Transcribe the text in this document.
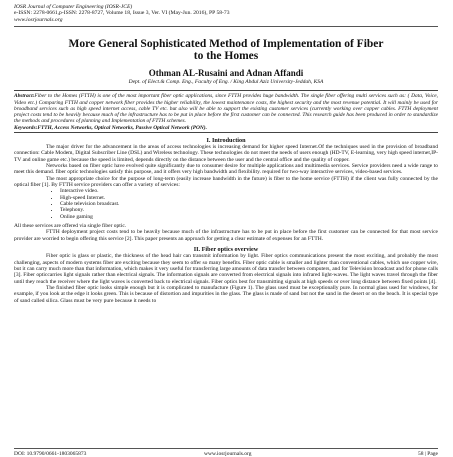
IOSR Journal of Computer Engineering (IOSR-JCE)
e-ISSN: 2278-0661,p-ISSN: 2278-8727, Volume 18, Issue 3, Ver. VI (May-Jun. 2016), PP 58-73
www.iosrjournals.org
More General Sophisticated Method of Implementation of Fiber
to the Homes
Othman AL-Rusaini and Adnan Affandi
Dept. of Elect.& Comp. Eng., Faculty of Eng. / King Abdul Aziz University-Jeddah, KSA
Abstract:Fiber to the Homes (FTTH) is one of the most important fiber optic applications, since FTTH provides huge bandwidth. The single fiber offering multi services such as: ( Data, Voice, Video etc.) Comparing FTTH and copper network fiber provides the higher reliability, the lowest maintenance costs, the highest security and the most revenue potential. It will mainly be used for broadband services such as high speed internet access, cable TV etc. but also will be able to support the existing customer services (currently working over copper cables. FTTH deployment project costs tend to be heavily because much of the infrastructure has to be put in place before the first customer can be connected. This research guide has been produced in order to standardize the methods and procedures of planning and Implementation of FTTH schemes.
Keywords:FTTH, Access Networks, Optical Networks, Passive Optical Network (PON).
I. Introduction
The major driver for the advancement in the areas of access technologies is increasing demand for higher speed Internet.Of the techniques used in the provision of broadband connection: Cable Modem, Digital Subscriber Line (DSL) and Wireless technology. These technologies do not meet the needs of users enough (HD-TV, E-learning, very high speed internet,IP-TV and online game etc.) because the speed is limited, depends directly on the distance between the user and the central office and the quality of copper.
Networks based on fiber optic have evolved quite significantly due to consumer desire for multiple applications and multimedia services. Service providers need a wide range to meet this demand. fiber optic technologies satisfy this purpose, and it offers very high bandwidth and flexibility. required for two-way interactive services, video-based services.
The most appropriate choice for the purpose of long-term (easily increase bandwidth in the future) is fiber to the home service (FTTH) if the client was fully connected by the optical fiber [1]. By FTTH service providers can offer a variety of services:
• Interactive video.
• High-speed Internet.
• Cable television broadcast.
• Telephony.
• Online gaming
All these services are offered via single fiber optic.
FTTH deployment project costs tend to be heavily because much of the infrastructure has to be put in place before the first customer can be connected for that most service provider are worried to begin offering this service [2]. This paper presents an approach for getting a clear estimate of expenses for an FTTH.
II. Fiber optics overview
Fiber optic is glass or plastic, the thickness of the head hair can transmit information by light. Fiber optics communications present the most exciting, and probably the most challenging, aspects of modern systems fiber are exciting because they seem to offer so many benefits. Fiber optic cable is smaller and lighter than conventional cables, which use copper wire, but it can carry much more than that information, which makes it very useful for transferring large amounts of data transfer between computers, and for Television broadcast and for phone calls [3]. Fiber opticcarries light signals rather than electrical signals. The information signals are converted from electrical signals into infrared light-waves. The light waves travel through the fiber until they reach the receiver where the light waves is converted back to electrical signals. Fiber optics best for transmitting signals at high speeds or over long distance between fixed points [4].
The finished fiber optic looks simple enough but it is complicated to manufacture (Figure 1). The glass used must be exceptionally pure. In normal glass used for windows, for example, if you look at the edge it looks green. This is because of distortion and impurities in the glass. The glass is made of sand but not the sand in the desert or on the beach. It is special type of sand called silica. Glass must be very pure because it needs to
DOI: 10.9790/0661-1803065873	www.iosrjournals.org	58 | Page
